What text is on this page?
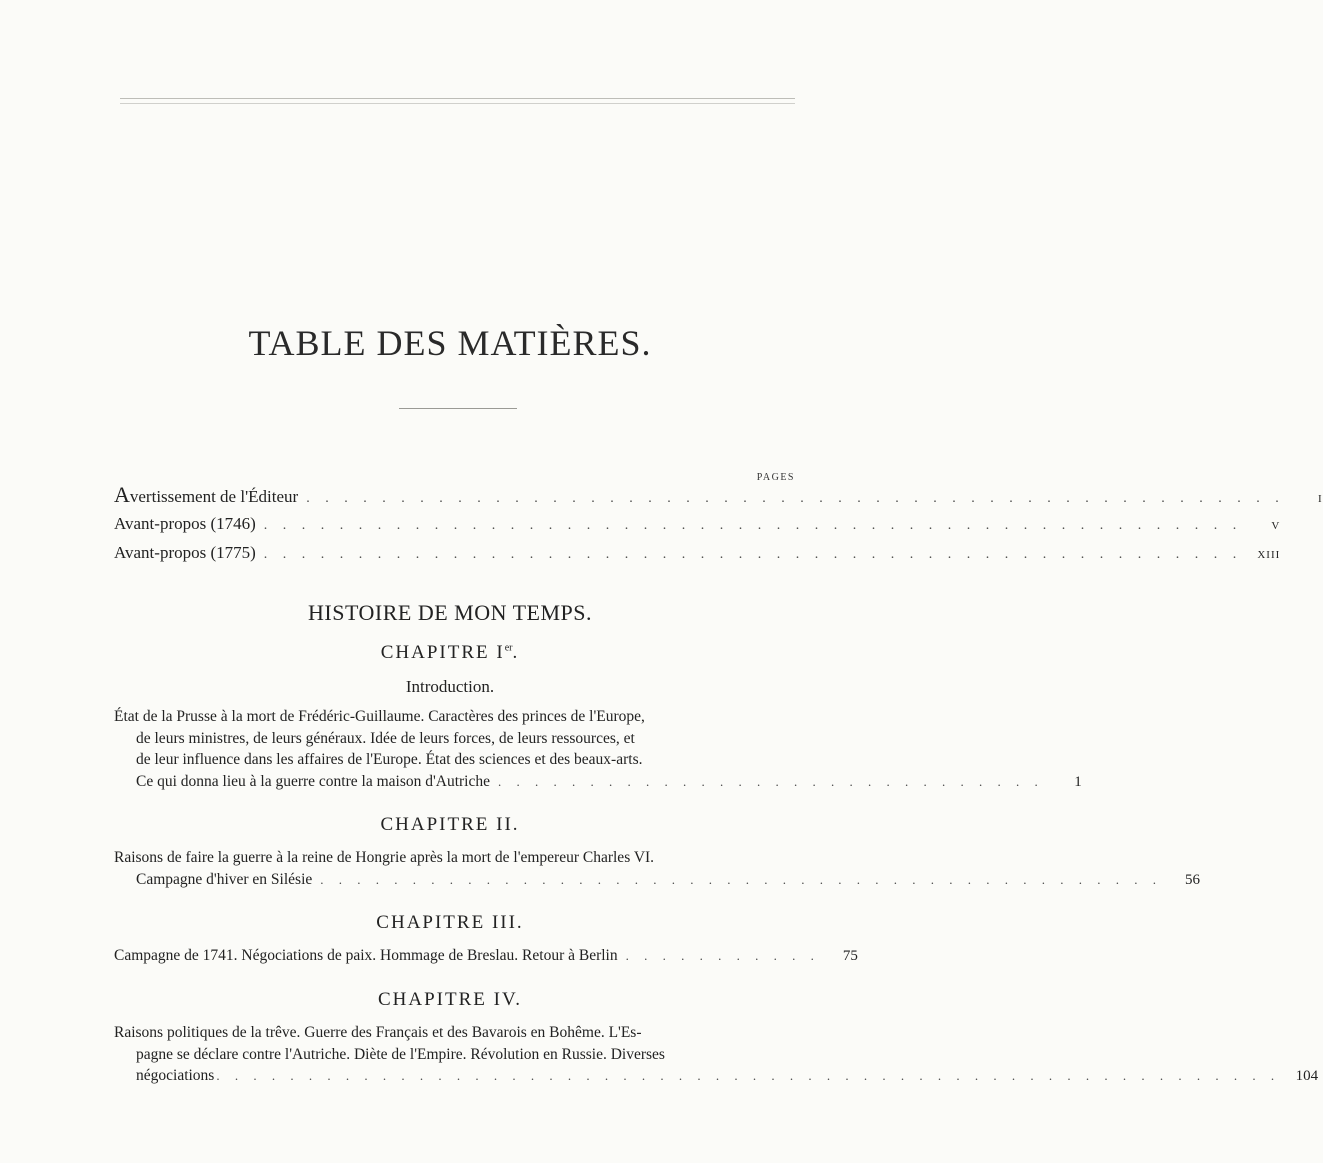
TABLE DES MATIÈRES.
PAGES
Avertissement de l'Éditeur . . . . . . . . . . . . . . . . . . . . . . . . . . . . . . . . . . . . . . . . . . . . . . . . . . . .	I
Avant-propos (1746) . . . . . . . . . . . . . . . . . . . . . . . . . . . . . . . . . . . . . . . . . . . . . . . . . . . .	V
Avant-propos (1775) . . . . . . . . . . . . . . . . . . . . . . . . . . . . . . . . . . . . . . . . . . . . . . . . . . . .	XIII
HISTOIRE DE MON TEMPS.
CHAPITRE Ier.
Introduction.
État de la Prusse à la mort de Frédéric-Guillaume. Caractères des princes de l'Europe,
de leurs ministres, de leurs généraux. Idée de leurs forces, de leurs ressources, et
de leur influence dans les affaires de l'Europe. État des sciences et des beaux-arts.
Ce qui donna lieu à la guerre contre la maison d'Autriche . . . . . . . . . . . . . . . . . . . . . . . . . . . . . .	1
CHAPITRE II.
Raisons de faire la guerre à la reine de Hongrie après la mort de l'empereur Charles VI.
Campagne d'hiver en Silésie . . . . . . . . . . . . . . . . . . . . . . . . . . . . . . . . . . . . . . . . . . . . . .	56
CHAPITRE III.
Campagne de 1741. Négociations de paix. Hommage de Breslau. Retour à Berlin . . . . . . . . . . .	75
CHAPITRE IV.
Raisons politiques de la trêve. Guerre des Français et des Bavarois en Bohême. L'Es-
pagne se déclare contre l'Autriche. Diète de l'Empire. Révolution en Russie. Diverses
négociations . . . . . . . . . . . . . . . . . . . . . . . . . . . . . . . . . . . . . . . . . . . . . . . . . . . . . . . . . .	104
